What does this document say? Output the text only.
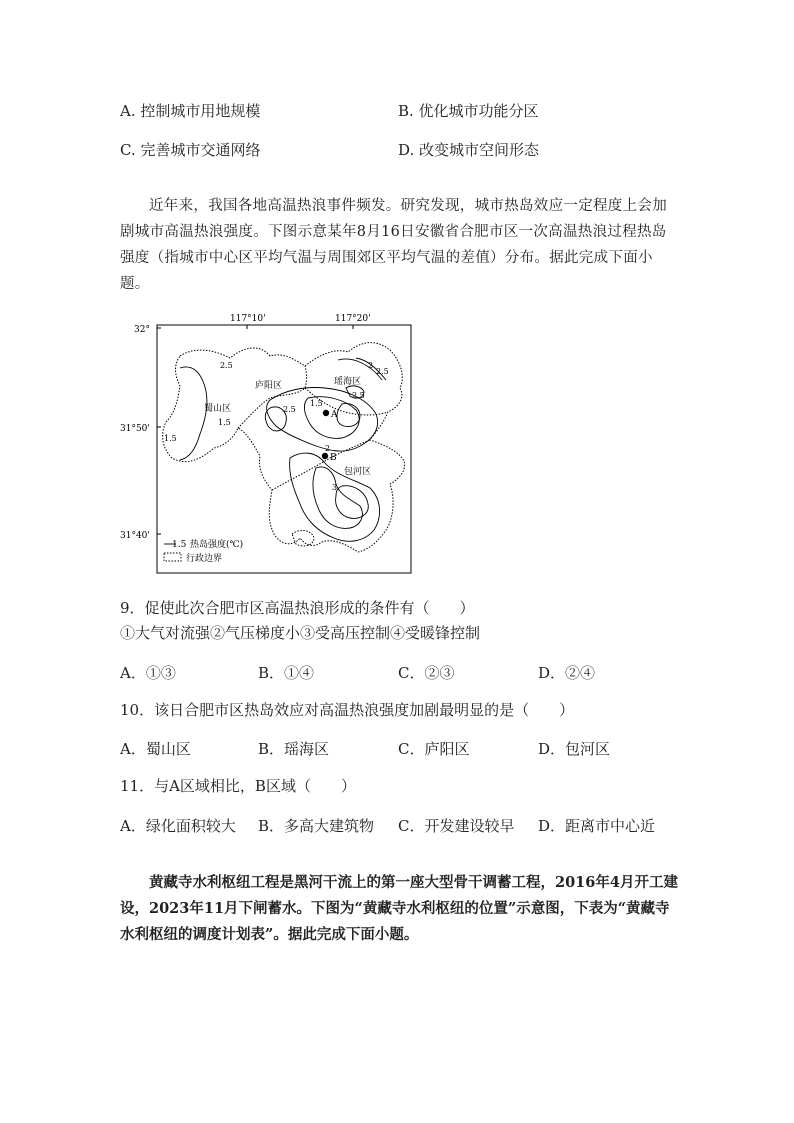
A. 控制城市用地规模	B. 优化城市功能分区
C. 完善城市交通网络	D. 改变城市空间形态
近年来，我国各地高温热浪事件频发。研究发现，城市热岛效应一定程度上会加剧城市高温热浪强度。下图示意某年8月16日安徽省合肥市区一次高温热浪过程热岛强度（指城市中心区平均气温与周围郊区平均气温的差值）分布。据此完成下面小题。
117°10'	117°20'
32°
31°50'
31°40'
2.5
1.5
1.5
1.5
2
2
2.5
2.5
3
2.5
庐阳区	瑶海区
蜀山区
包河区
A
B
1.5 热岛强度(℃)
行政边界
9．促使此次合肥市区高温热浪形成的条件有（　　）
①大气对流强②气压梯度小③受高压控制④受暖锋控制
A．①③	B．①④	C．②③	D．②④
10．该日合肥市区热岛效应对高温热浪强度加剧最明显的是（　　）
A．蜀山区	B．瑶海区	C．庐阳区	D．包河区
11．与A区域相比，B区域（　　）
A．绿化面积较大 B．多高大建筑物 C．开发建设较早 D．距离市中心近
黄藏寺水利枢纽工程是黑河干流上的第一座大型骨干调蓄工程，2016年4月开工建设，2023年11月下闸蓄水。下图为“黄藏寺水利枢纽的位置”示意图，下表为“黄藏寺水利枢纽的调度计划表”。据此完成下面小题。
